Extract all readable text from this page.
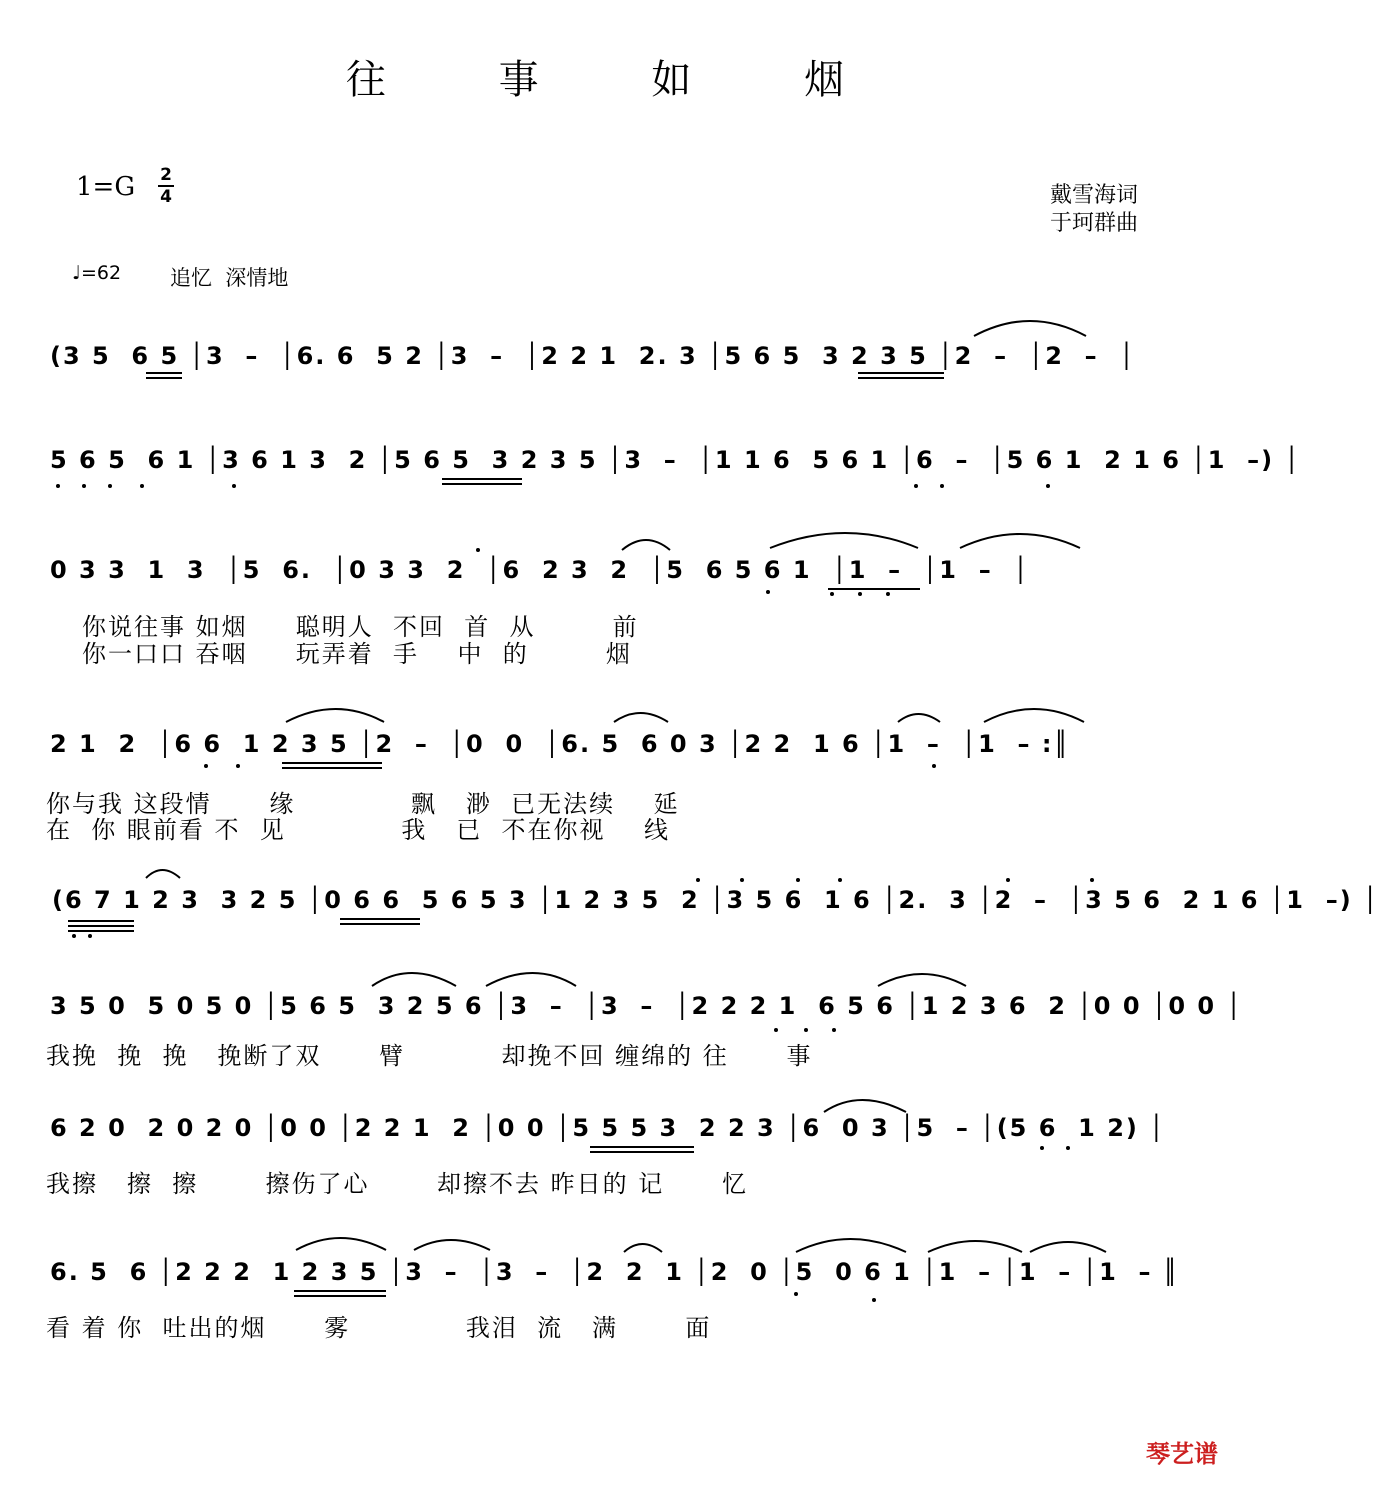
往 事 如 烟
1=G 2
4	戴雪海词
于珂群曲
♩=62 追忆  深情地
(3 5  6 5 │3  –  │6. 6  5 2 │3  –  │2 2 1  2. 3 │5 6 5  3 2 3 5 │2  –  │2  –  │
5 6 5  6 1 │3 6 1 3  2 │5 6 5  3 2 3 5 │3  –  │1 1 6  5 6 1 │6  –  │5 6 1  2 1 6 │1  –) │
0 3 3  1  3  │5  6.  │0 3 3  2  │6  2 3  2  │5  6 5 6 1  │1  –  │1  –  │
你说往事 如烟     聪明人  不回  首  从        前
你一口口 吞咽     玩弄着  手    中  的        烟
2 1  2  │6 6  1 2 3 5 │2  –  │0  0  │6. 5  6 0 3 │2 2  1 6 │1  –  │1  – :║
你与我 这段情      缘            飘   渺  已无法续    延
在  你 眼前看 不  见            我   已  不在你视    线
(6 7 1 2 3  3 2 5 │0 6 6  5 6 5 3 │1 2 3 5  2 │3 5 6  1 6 │2.  3 │2  –  │3 5 6  2 1 6 │1  –) │
3 5 0  5 0 5 0 │5 6 5  3 2 5 6 │3  –  │3  –  │2 2 2 1  6 5 6 │1 2 3 6  2 │0 0 │0 0 │
我挽  挽  挽   挽断了双      臂          却挽不回 缠绵的 往      事
6 2 0  2 0 2 0 │0 0 │2 2 1  2 │0 0 │5 5 5 3  2 2 3 │6  0 3 │5  – │(5 6  1 2) │
我擦   擦  擦       擦伤了心       却擦不去 昨日的 记      忆
6. 5  6 │2 2 2  1 2 3 5 │3  –  │3  –  │2  2  1 │2  0 │5  0 6 1 │1  – │1  – │1  – ║
看 着 你  吐出的烟      雾            我泪  流   满       面
琴艺谱
